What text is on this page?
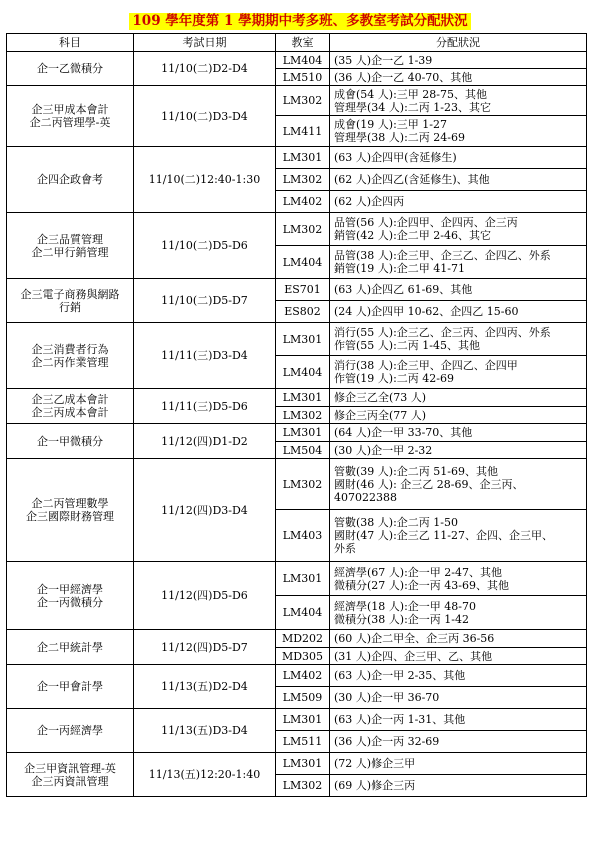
109 學年度第 1 學期期中考多班、多教室考試分配狀況
科目	考試日期	教室	分配狀況

企一乙微積分	11/10(二)D2-D4	LM404	(35 人)企一乙 1-39

		LM510	(36 人)企一乙 40-70、其他

企三甲成本會計
企二丙管理學-英	11/10(二)D3-D4	LM302	成會(54 人):三甲 28-75、其他
管理學(34 人):二丙 1-23、其它

		LM411	成會(19 人):三甲 1-27
管理學(38 人):二丙 24-69

企四企政會考	11/10(二)12:40-1:30	LM301	(63 人)企四甲(含延修生)

		LM302	(62 人)企四乙(含延修生)、其他

		LM402	(62 人)企四丙

企三品質管理
企二甲行銷管理	11/10(二)D5-D6	LM302	品管(56 人):企四甲、企四丙、企三丙
銷管(42 人):企二甲 2-46、其它

		LM404	品管(38 人):企三甲、企三乙、企四乙、外系
銷管(19 人):企二甲 41-71

企三電子商務與網路
行銷	11/10(二)D5-D7	ES701	(63 人)企四乙 61-69、其他

		ES802	(24 人)企四甲 10-62、企四乙 15-60

企三消費者行為
企二丙作業管理	11/11(三)D3-D4	LM301	消行(55 人):企三乙、企三丙、企四丙、外系
作管(55 人):二丙 1-45、其他

		LM404	消行(38 人):企三甲、企四乙、企四甲
作管(19 人):二丙 42-69

企三乙成本會計
企三丙成本會計	11/11(三)D5-D6	LM301	修企三乙全(73 人)

		LM302	修企三丙全(77 人)

企一甲微積分	11/12(四)D1-D2	LM301	(64 人)企一甲 33-70、其他

		LM504	(30 人)企一甲 2-32

企二丙管理數學
企三國際財務管理	11/12(四)D3-D4	LM302	管數(39 人):企二丙 51-69、其他
國財(46 人): 企三乙 28-69、企三丙、
407022388

		LM403	管數(38 人):企二丙 1-50
國財(47 人):企三乙 11-27、企四、企三甲、
外系

企一甲經濟學
企一丙微積分	11/12(四)D5-D6	LM301	經濟學(67 人):企一甲 2-47、其他
微積分(27 人):企一丙 43-69、其他

		LM404	經濟學(18 人):企一甲 48-70
微積分(38 人):企一丙 1-42

企二甲統計學	11/12(四)D5-D7	MD202	(60 人)企二甲全、企三丙 36-56

		MD305	(31 人)企四、企三甲、乙、其他

企一甲會計學	11/13(五)D2-D4	LM402	(63 人)企一甲 2-35、其他

		LM509	(30 人)企一甲 36-70

企一丙經濟學	11/13(五)D3-D4	LM301	(63 人)企一丙 1-31、其他

		LM511	(36 人)企一丙 32-69

企三甲資訊管理-英
企三丙資訊管理	11/13(五)12:20-1:40	LM301	(72 人)修企三甲

		LM302	(69 人)修企三丙
